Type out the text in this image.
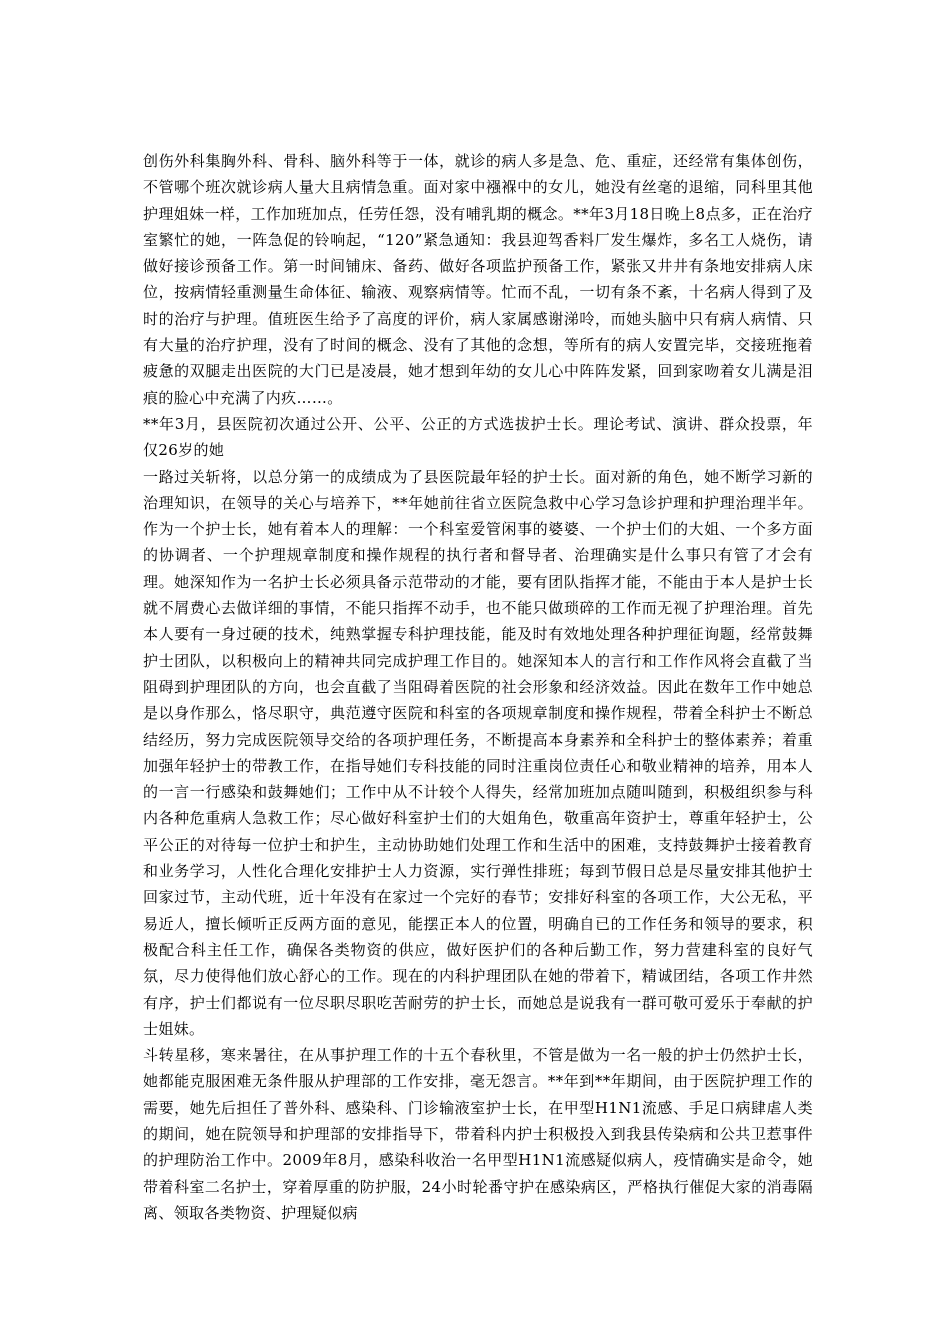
创伤外科集胸外科、骨科、脑外科等于一体，就诊的病人多是急、危、重症，还经常有集体创伤，不管哪个班次就诊病人量大且病情急重。面对家中襁褓中的女儿，她没有丝毫的退缩，同科里其他护理姐妹一样，工作加班加点，任劳任怨，没有哺乳期的概念。**年3月18日晚上8点多，正在治疗室繁忙的她，一阵急促的铃响起，“120”紧急通知：我县迎驾香料厂发生爆炸，多名工人烧伤，请做好接诊预备工作。第一时间铺床、备药、做好各项监护预备工作，紧张又井井有条地安排病人床位，按病情轻重测量生命体征、输液、观察病情等。忙而不乱，一切有条不紊，十名病人得到了及时的治疗与护理。值班医生给予了高度的评价，病人家属感谢涕呤，而她头脑中只有病人病情、只有大量的治疗护理，没有了时间的概念、没有了其他的念想，等所有的病人安置完毕，交接班拖着疲惫的双腿走出医院的大门已是凌晨，她才想到年幼的女儿心中阵阵发紧，回到家吻着女儿满是泪痕的脸心中充满了内疚……。

**年3月，县医院初次通过公开、公平、公正的方式选拔护士长。理论考试、演讲、群众投票，年仅26岁的她

一路过关斩将，以总分第一的成绩成为了县医院最年轻的护士长。面对新的角色，她不断学习新的治理知识，在领导的关心与培养下，**年她前往省立医院急救中心学习急诊护理和护理治理半年。作为一个护士长，她有着本人的理解：一个科室爱管闲事的婆婆、一个护士们的大姐、一个多方面的协调者、一个护理规章制度和操作规程的执行者和督导者、治理确实是什么事只有管了才会有理。她深知作为一名护士长必须具备示范带动的才能，要有团队指挥才能，不能由于本人是护士长就不屑费心去做详细的事情，不能只指挥不动手，也不能只做琐碎的工作而无视了护理治理。首先本人要有一身过硬的技术，纯熟掌握专科护理技能，能及时有效地处理各种护理征询题，经常鼓舞护士团队，以积极向上的精神共同完成护理工作目的。她深知本人的言行和工作作风将会直截了当阻碍到护理团队的方向，也会直截了当阻碍着医院的社会形象和经济效益。因此在数年工作中她总是以身作那么，恪尽职守，典范遵守医院和科室的各项规章制度和操作规程，带着全科护士不断总结经历，努力完成医院领导交给的各项护理任务，不断提高本身素养和全科护士的整体素养；着重加强年轻护士的带教工作，在指导她们专科技能的同时注重岗位责任心和敬业精神的培养，用本人的一言一行感染和鼓舞她们；工作中从不计较个人得失，经常加班加点随叫随到，积极组织参与科内各种危重病人急救工作；尽心做好科室护士们的大姐角色，敬重高年资护士，尊重年轻护士，公平公正的对待每一位护士和护生，主动协助她们处理工作和生活中的困难，支持鼓舞护士接着教育和业务学习，人性化合理化安排护士人力资源，实行弹性排班；每到节假日总是尽量安排其他护士回家过节，主动代班，近十年没有在家过一个完好的春节；安排好科室的各项工作，大公无私，平易近人，擅长倾听正反两方面的意见，能摆正本人的位置，明确自已的工作任务和领导的要求，积极配合科主任工作，确保各类物资的供应，做好医护们的各种后勤工作，努力营建科室的良好气氛，尽力使得他们放心舒心的工作。现在的内科护理团队在她的带着下，精诚团结，各项工作井然有序，护士们都说有一位尽职尽职吃苦耐劳的护士长，而她总是说我有一群可敬可爱乐于奉献的护士姐妹。

斗转星移，寒来暑往，在从事护理工作的十五个春秋里，不管是做为一名一般的护士仍然护士长，她都能克服困难无条件服从护理部的工作安排，毫无怨言。**年到**年期间，由于医院护理工作的需要，她先后担任了普外科、感染科、门诊输液室护士长，在甲型H1N1流感、手足口病肆虐人类的期间，她在院领导和护理部的安排指导下，带着科内护士积极投入到我县传染病和公共卫惹事件的护理防治工作中。2009年8月，感染科收治一名甲型H1N1流感疑似病人，疫情确实是命令，她带着科室二名护士，穿着厚重的防护服，24小时轮番守护在感染病区，严格执行催促大家的消毒隔离、领取各类物资、护理疑似病
